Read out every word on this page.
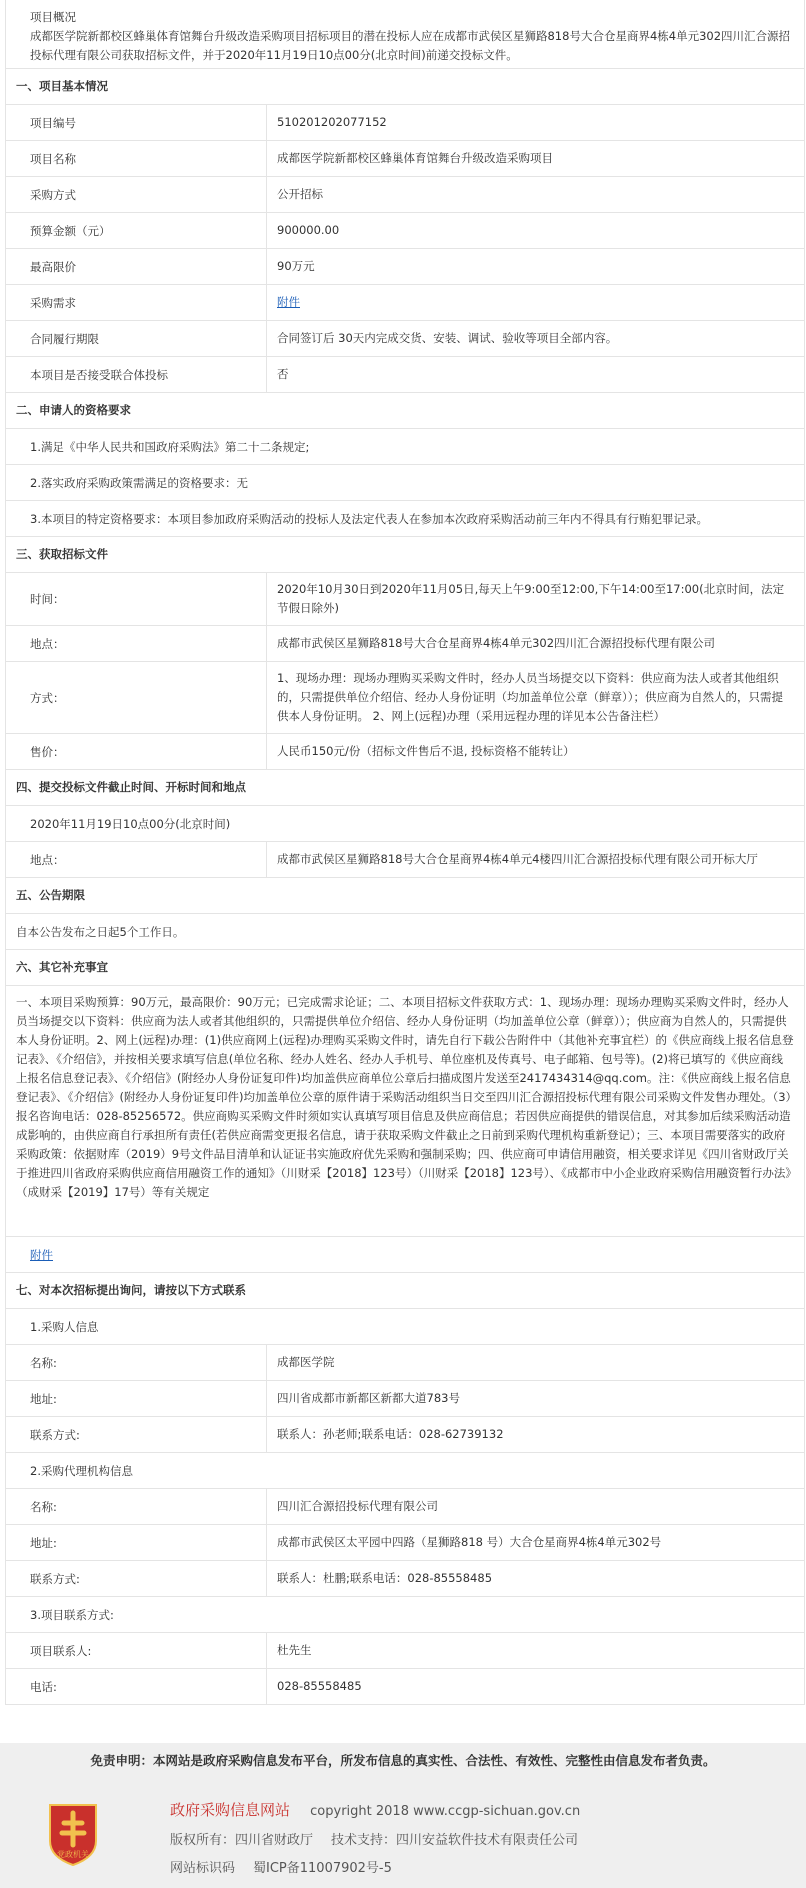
项目概况
成都医学院新都校区蜂巢体育馆舞台升级改造采购项目招标项目的潜在投标人应在成都市武侯区星狮路818号大合仓星商界4栋4单元302四川汇合源招投标代理有限公司获取招标文件，并于2020年11月19日10点00分(北京时间)前递交投标文件。
一、项目基本情况
项目编号	510201202077152
项目名称	成都医学院新都校区蜂巢体育馆舞台升级改造采购项目
采购方式	公开招标
预算金额（元）	900000.00
最高限价	90万元
采购需求	附件
合同履行期限	合同签订后 30天内完成交货、安装、调试、验收等项目全部内容。
本项目是否接受联合体投标	否
二、申请人的资格要求
1.满足《中华人民共和国政府采购法》第二十二条规定;
2.落实政府采购政策需满足的资格要求：无
3.本项目的特定资格要求：本项目参加政府采购活动的投标人及法定代表人在参加本次政府采购活动前三年内不得具有行贿犯罪记录。
三、获取招标文件
时间：
2020年10月30日到2020年11月05日,每天上午9:00至12:00,下午14:00至17:00(北京时间，法定节假日除外)
地点：	成都市武侯区星狮路818号大合仓星商界4栋4单元302四川汇合源招投标代理有限公司
方式：
1、现场办理：现场办理购买采购文件时，经办人员当场提交以下资料：供应商为法人或者其他组织的，只需提供单位介绍信、经办人身份证明（均加盖单位公章（鲜章））；供应商为自然人的，只需提供本人身份证明。 2、网上(远程)办理（采用远程办理的详见本公告备注栏）
售价：	人民币150元/份（招标文件售后不退, 投标资格不能转让）
四、提交投标文件截止时间、开标时间和地点
2020年11月19日10点00分(北京时间)
地点：	成都市武侯区星狮路818号大合仓星商界4栋4单元4楼四川汇合源招投标代理有限公司开标大厅
五、公告期限
自本公告发布之日起5个工作日。
六、其它补充事宜
一、本项目采购预算：90万元，最高限价：90万元；已完成需求论证；二、本项目招标文件获取方式：1、现场办理：现场办理购买采购文件时，经办人员当场提交以下资料：供应商为法人或者其他组织的，只需提供单位介绍信、经办人身份证明（均加盖单位公章（鲜章））；供应商为自然人的，只需提供本人身份证明。2、网上(远程)办理：(1)供应商网上(远程)办理购买采购文件时，请先自行下载公告附件中（其他补充事宜栏）的《供应商线上报名信息登记表》、《介绍信》，并按相关要求填写信息(单位名称、经办人姓名、经办人手机号、单位座机及传真号、电子邮箱、包号等)。(2)将已填写的《供应商线上报名信息登记表》、《介绍信》(附经办人身份证复印件)均加盖供应商单位公章后扫描成图片发送至2417434314@qq.com。注：《供应商线上报名信息登记表》、《介绍信》(附经办人身份证复印件)均加盖单位公章的原件请于采购活动组织当日交至四川汇合源招投标代理有限公司采购文件发售办理处。（3）报名咨询电话：028-85256572。供应商购买采购文件时须如实认真填写项目信息及供应商信息；若因供应商提供的错误信息，对其参加后续采购活动造成影响的，由供应商自行承担所有责任(若供应商需变更报名信息，请于获取采购文件截止之日前到采购代理机构重新登记）；三、本项目需要落实的政府采购政策：依据财库（2019）9号文件品目清单和认证证书实施政府优先采购和强制采购；四、供应商可申请信用融资，相关要求详见《四川省财政厅关于推进四川省政府采购供应商信用融资工作的通知》（川财采【2018】123号）（川财采【2018】123号）、《成都市中小企业政府采购信用融资暂行办法》（成财采【2019】17号）等有关规定
附件
七、对本次招标提出询问，请按以下方式联系
1.采购人信息
名称:	成都医学院
地址:	四川省成都市新都区新都大道783号
联系方式:	联系人：孙老师;联系电话：028-62739132
2.采购代理机构信息
名称:	四川汇合源招投标代理有限公司
地址:	成都市武侯区太平园中四路（星狮路818 号）大合仓星商界4栋4单元302号
联系方式:	联系人：杜鹏;联系电话：028-85558485
3.项目联系方式:
项目联系人:	杜先生
电话:	028-85558485
免责申明：本网站是政府采购信息发布平台，所发布信息的真实性、合法性、有效性、完整性由信息发布者负责。
党政机关
政府采购信息网站 copyright 2018 www.ccgp-sichuan.gov.cn
版权所有：四川省财政厅 技术支持：四川安益软件技术有限责任公司
网站标识码 蜀ICP备11007902号-5
